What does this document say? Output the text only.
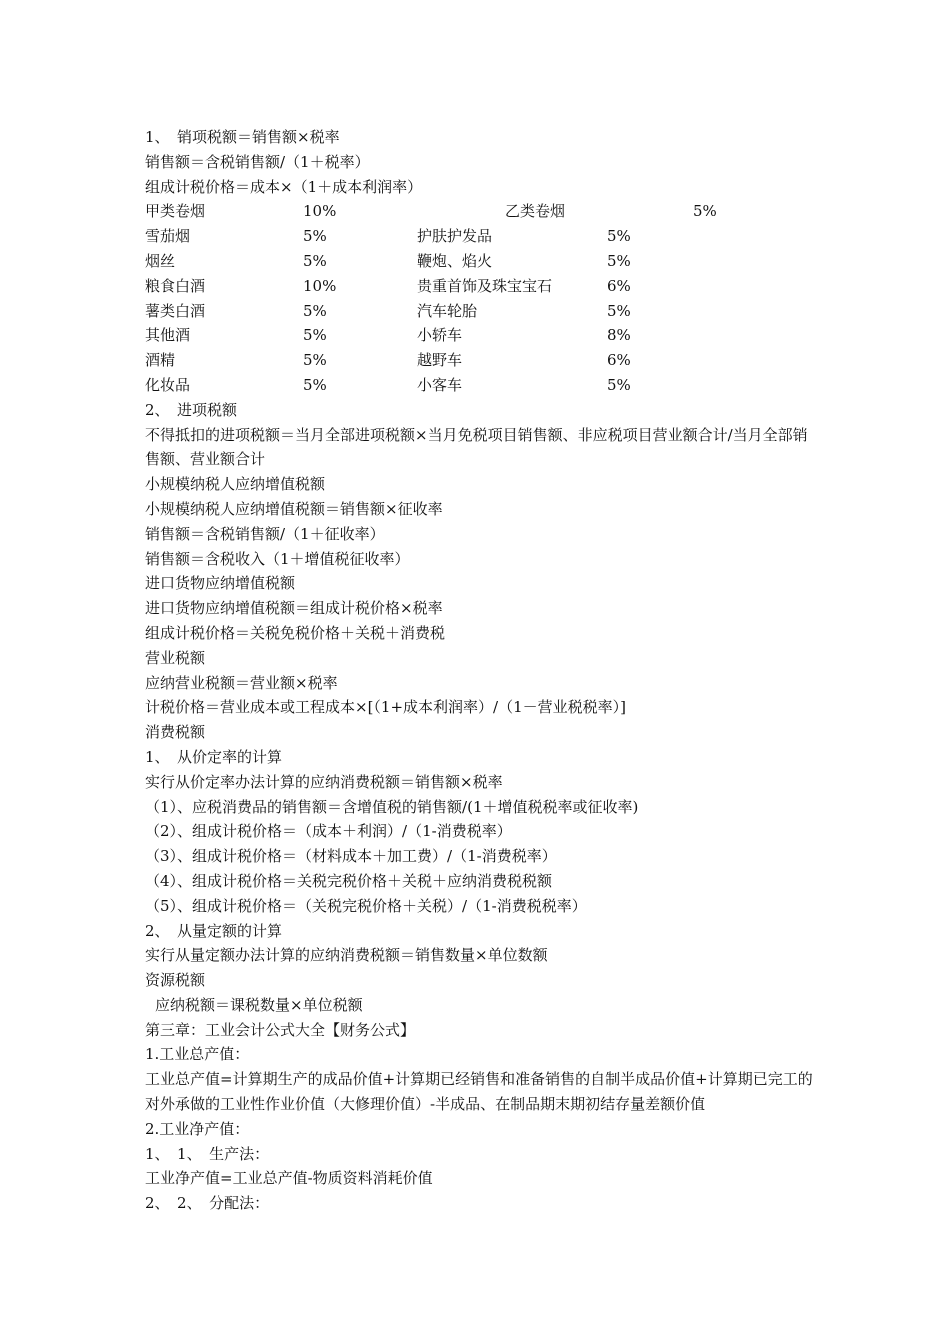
1、　销项税额＝销售额×税率
销售额＝含税销售额/（1＋税率）
组成计税价格＝成本×（1＋成本利润率）
甲类卷烟	10%	乙类卷烟	5%
雪茄烟	5%	护肤护发品	5%
烟丝	5%	鞭炮、焰火	5%
粮食白酒	10%	贵重首饰及珠宝宝石	6%
薯类白酒	5%	汽车轮胎	5%
其他酒	5%	小轿车	8%
酒精	5%	越野车	6%
化妆品	5%	小客车	5%
2、　进项税额
不得抵扣的进项税额＝当月全部进项税额×当月免税项目销售额、非应税项目营业额合计/当月全部销售额、营业额合计
小规模纳税人应纳增值税额
小规模纳税人应纳增值税额＝销售额×征收率
销售额＝含税销售额/（1＋征收率）
销售额＝含税收入（1＋增值税征收率）
进口货物应纳增值税额
进口货物应纳增值税额＝组成计税价格×税率
组成计税价格＝关税免税价格＋关税＋消费税
营业税额
应纳营业税额＝营业额×税率
计税价格＝营业成本或工程成本×[（1+成本利润率）/（1－营业税税率）]
消费税额
1、　从价定率的计算
实行从价定率办法计算的应纳消费税额＝销售额×税率
（1）、应税消费品的销售额＝含增值税的销售额/(1＋增值税税率或征收率)
（2）、组成计税价格＝（成本＋利润）/（1-消费税率）
（3）、组成计税价格＝（材料成本＋加工费）/（1-消费税率）
（4）、组成计税价格＝关税完税价格＋关税＋应纳消费税税额
（5）、组成计税价格＝（关税完税价格＋关税）/（1-消费税税率）
2、　从量定额的计算
实行从量定额办法计算的应纳消费税额＝销售数量×单位数额
资源税额
应纳税额＝课税数量×单位税额
第三章：工业会计公式大全【财务公式】
1.工业总产值：
工业总产值=计算期生产的成品价值+计算期已经销售和准备销售的自制半成品价值+计算期已完工的对外承做的工业性作业价值（大修理价值）-半成品、在制品期末期初结存量差额价值
2.工业净产值：
1、　1、　生产法：
工业净产值=工业总产值-物质资料消耗价值
2、　2、　分配法：
